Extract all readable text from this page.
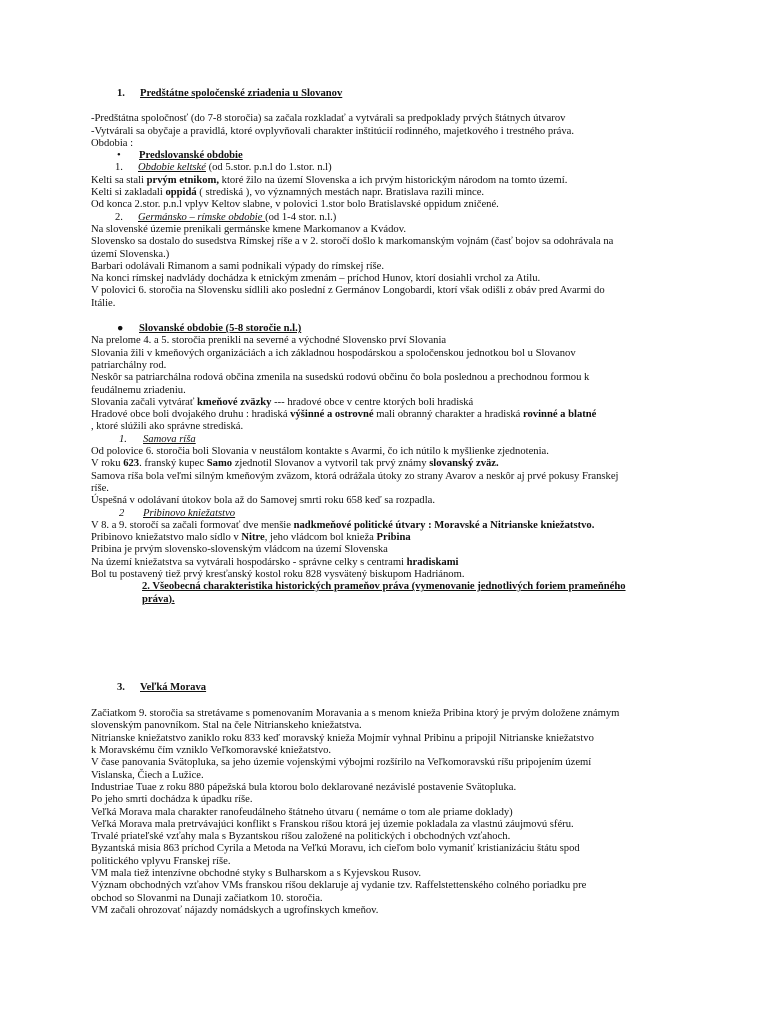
1. Predštátne spoločenské zriadenia u Slovanov

-Predštátna spoločnosť (do 7-8 storočia) sa začala rozkladať a vytvárali sa predpoklady prvých štátnych útvarov

-Vytvárali sa obyčaje a pravidlá, ktoré ovplyvňovali charakter inštitúcií rodinného, majetkového i trestného práva.

Obdobia :

• Predslovanské obdobie
1. Obdobie keltské (od 5.stor. p.n.l do 1.stor. n.l)

Kelti sa stali prvým etnikom, ktoré žilo na území Slovenska a ich prvým historickým národom na tomto území.

Kelti si zakladali oppidá ( strediská ), vo významných mestách napr. Bratislava razili mince.

Od konca 2.stor. p.n.l vplyv Keltov slabne, v polovici 1.stor bolo Bratislavské oppidum zničené.

2. Germánsko – rímske obdobie (od 1-4 stor. n.l.)

Na slovenské územie prenikali germánske kmene Markomanov a Kvádov.

Slovensko sa dostalo do susedstva Rímskej ríše a v 2. storočí došlo k markomanským vojnám (časť bojov sa odohrávala na

území Slovenska.)

Barbari odolávali Rimanom a sami podnikali výpady do rímskej ríše.

Na konci rímskej nadvlády dochádza k etnickým zmenám – príchod Hunov, ktorí dosiahli vrchol za Atilu.

V polovici 6. storočia na Slovensku sídlili ako poslední z Germánov Longobardi, ktorí však odišli z obáv pred Avarmi do

Itálie.

● Slovanské obdobie (5-8 storočie n.l.)

Na prelome 4. a 5. storočia prenikli na severné a východné Slovensko prví Slovania

Slovania žili v kmeňových organizáciách a ich základnou hospodárskou a spoločenskou jednotkou bol u Slovanov

patriarchálny rod.

Neskôr sa patriarchálna rodová občina zmenila na susedskú rodovú občinu čo bola poslednou a prechodnou formou k

feudálnemu zriadeniu.

Slovania začali vytvárať kmeňové zväzky --- hradové obce v centre ktorých boli hradiská

Hradové obce boli dvojakého druhu : hradiská výšinné a ostrovné mali obranný charakter a hradiská rovinné a blatné

, ktoré slúžili ako správne strediská.

1. Samova ríša

Od polovice 6. storočia boli Slovania v neustálom kontakte s Avarmi, čo ich nútilo k myšlienke zjednotenia.

V roku 623. franský kupec Samo zjednotil Slovanov a vytvoril tak prvý známy slovanský zväz.

Samova ríša bola veľmi silným kmeňovým zväzom, ktorá odrážala útoky zo strany Avarov a neskôr aj prvé pokusy Franskej

ríše.

Úspešná v odolávaní útokov bola až do Samovej smrti roku 658 keď sa rozpadla.

2 Pribinovo kniežatstvo

V 8. a 9. storočí sa začali formovať dve menšie nadkmeňové politické útvary : Moravské a Nitrianske kniežatstvo.

Pribinovo kniežatstvo malo sídlo v Nitre, jeho vládcom bol knieža Pribina

Pribina je prvým slovensko-slovenským vládcom na území Slovenska

Na území kniežatstva sa vytvárali hospodársko - správne celky s centrami hradiskami

Bol tu postavený tiež prvý kresťanský kostol roku 828 vysvätený biskupom Hadriánom.

2. Všeobecná charakteristika historických prameňov práva (vymenovanie jednotlivých foriem prameňného
práva).
3. Veľká Morava

Začiatkom 9. storočia sa stretávame s pomenovaním Moravania a s menom knieža Pribina ktorý je prvým doložene známym

slovenským panovníkom. Stal na čele Nitrianskeho kniežatstva.

Nitrianske kniežatstvo zaniklo roku 833 keď moravský knieža Mojmír vyhnal Pribinu a pripojil Nitrianske kniežatstvo

k Moravskému čím vzniklo Veľkomoravské kniežatstvo.

V čase panovania Svätopluka, sa jeho územie vojenskými výbojmi rozšírilo na Veľkomoravskú ríšu pripojením území

Vislanska, Čiech a Lužice.

Industriae Tuae z roku 880 pápežská bula ktorou bolo deklarované nezávislé postavenie Svätopluka.

Po jeho smrti dochádza k úpadku ríše.

Veľká Morava mala charakter ranofeudálneho štátneho útvaru ( nemáme o tom ale priame doklady)

Veľká Morava mala pretrvávajúci konflikt s Franskou ríšou ktorá jej územie pokladala za vlastnú záujmovú sféru.

Trvalé priateľské vzťahy mala s Byzantskou ríšou založené na politických i obchodných vzťahoch.

Byzantská misia 863 príchod Cyrila a Metoda na Veľkú Moravu, ich cieľom bolo vymaniť kristianizáciu štátu spod

politického vplyvu Franskej ríše.

VM mala tiež intenzívne obchodné styky s Bulharskom a s Kyjevskou Rusov.

Význam obchodných vzťahov VMs franskou ríšou deklaruje aj vydanie tzv. Raffelstettenského colného poriadku pre

obchod so Slovanmi na Dunaji začiatkom 10. storočia.

VM začali ohrozovať nájazdy nomádskych a ugrofínskych kmeňov.
